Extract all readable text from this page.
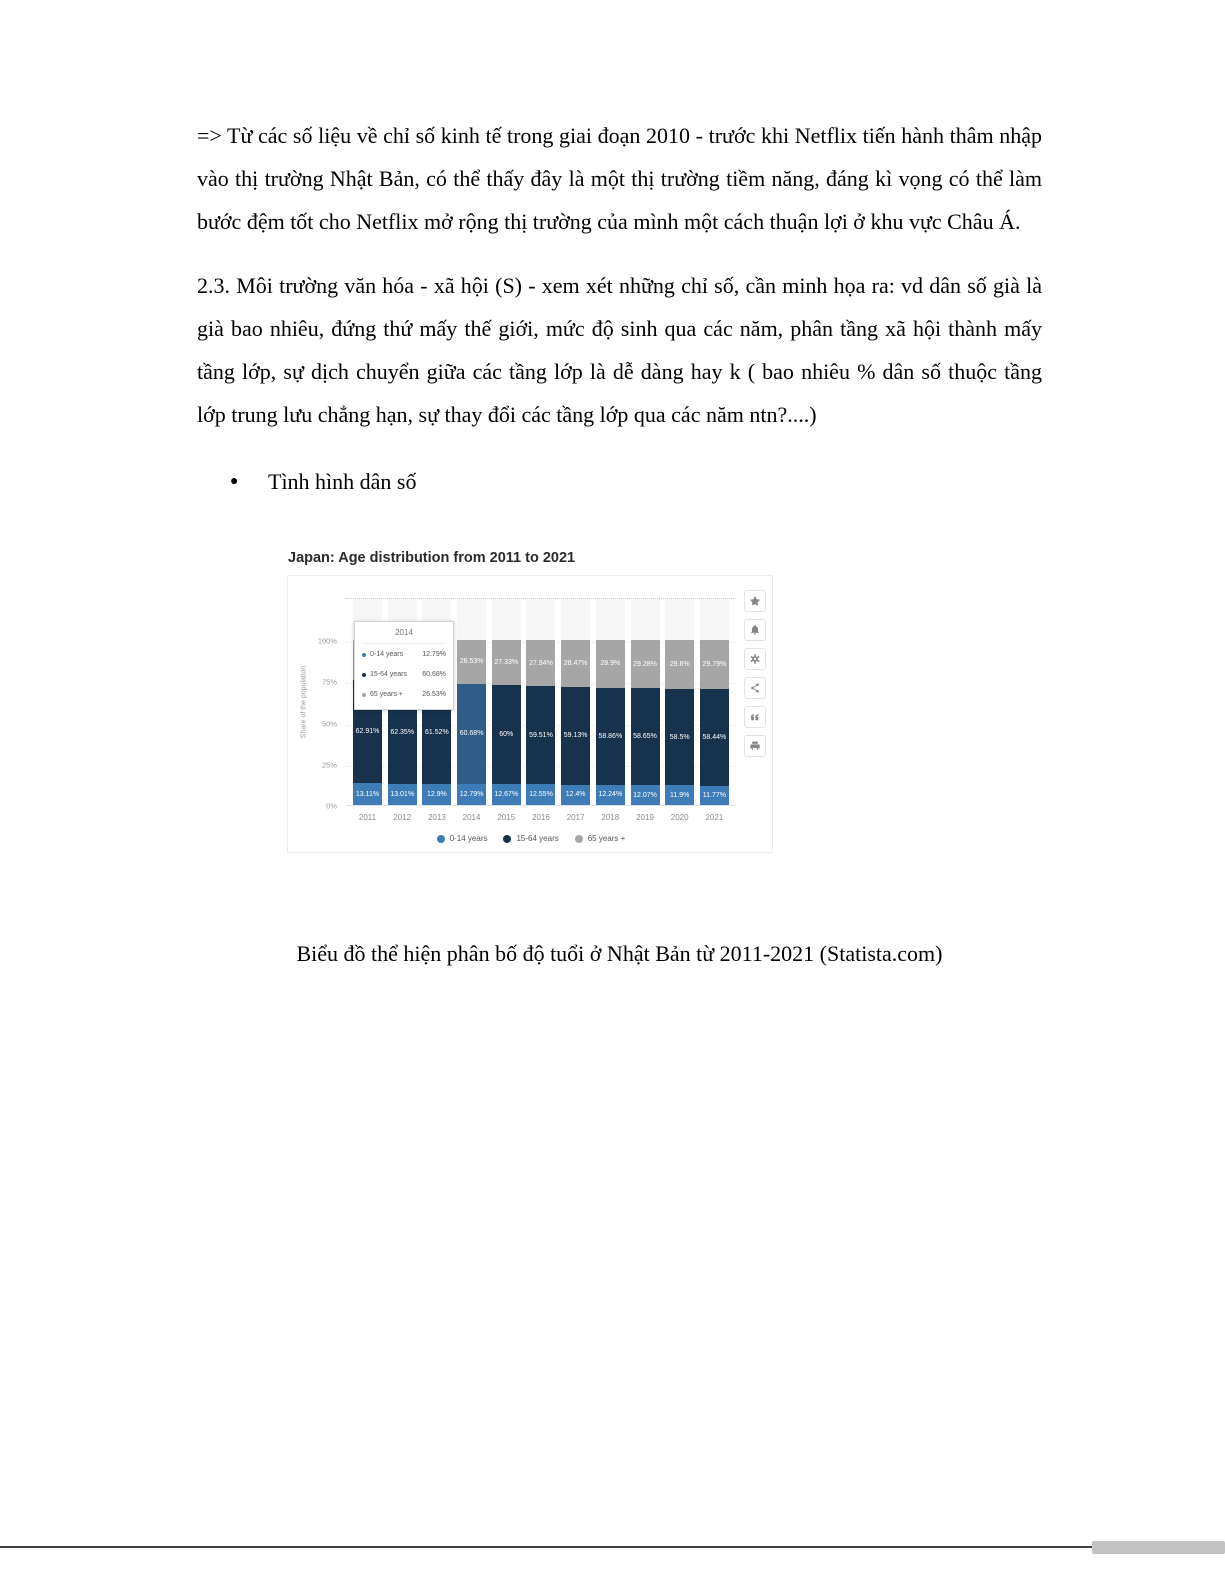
=> Từ các số liệu về chỉ số kinh tế trong giai đoạn 2010 - trước khi Netflix tiến hành thâm nhập vào thị trường Nhật Bản, có thể thấy đây là một thị trường tiềm năng, đáng kì vọng có thể làm bước đệm tốt cho Netflix mở rộng thị trường của mình một cách thuận lợi ở khu vực Châu Á.

2.3. Môi trường văn hóa - xã hội (S) - xem xét những chỉ số, cần minh họa ra: vd dân số già là già bao nhiêu, đứng thứ mấy thế giới, mức độ sinh qua các năm, phân tầng xã hội thành mấy tầng lớp, sự dịch chuyển giữa các tầng lớp là dễ dàng hay k ( bao nhiêu % dân số thuộc tầng lớp trung lưu chẳng hạn, sự thay đổi các tầng lớp qua các năm ntn?....)

●	Tình hình dân số
Japan: Age distribution from 2011 to 2021
Share of the population
100%
75%
50%
25%
0%
62.91%
13.11%
62.35%
13.01%
61.52%
12.9%
26.53%
60.68%
12.79%
27.33%
60%
12.67%
27.94%
59.51%
12.55%
28.47%
59.13%
12.4%
28.9%
58.86%
12.24%
29.28%
58.65%
12.07%
29.6%
58.5%
11.9%
29.79%
58.44%
11.77%
2014
0-14 years	12.79%
15-64 years	60.68%
65 years +	26.53%
2011	2012	2013	2014	2015	2016	2017	2018	2019	2020	2021
0-14 years	15-64 years	65 years +

Biểu đồ thể hiện phân bố độ tuổi ở Nhật Bản từ 2011-2021 (Statista.com)
